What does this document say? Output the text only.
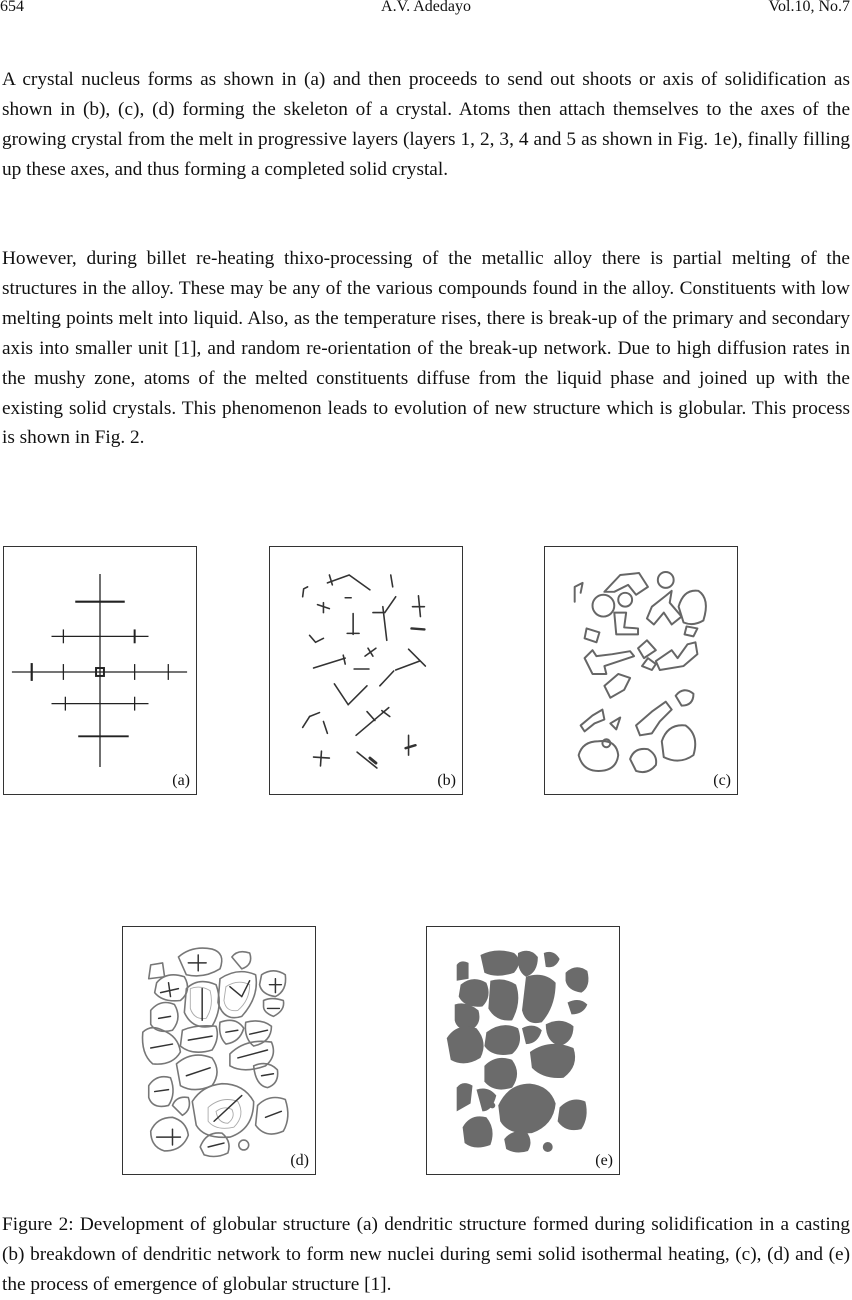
654	A.V. Adedayo	Vol.10, No.7

A crystal nucleus forms as shown in (a) and then proceeds to send out shoots or axis of solidification as shown in (b), (c), (d) forming the skeleton of a crystal. Atoms then attach themselves to the axes of the growing crystal from the melt in progressive layers (layers 1, 2, 3, 4 and 5 as shown in Fig. 1e), finally filling up these axes, and thus forming a completed solid crystal.

However, during billet re-heating thixo-processing of the metallic alloy there is partial melting of the structures in the alloy. These may be any of the various compounds found in the alloy. Constituents with low melting points melt into liquid. Also, as the temperature rises, there is break-up of the primary and secondary axis into smaller unit [1], and random re-orientation of the break-up network. Due to high diffusion rates in the mushy zone, atoms of the melted constituents diffuse from the liquid phase and joined up with the existing solid crystals. This phenomenon leads to evolution of new structure which is globular. This process is shown in Fig. 2.

(a)	(b)	(c)
(d)	(e)

Figure 2: Development of globular structure (a) dendritic structure formed during solidification in a casting (b) breakdown of dendritic network to form new nuclei during semi solid isothermal heating, (c), (d) and (e) the process of emergence of globular structure [1].
